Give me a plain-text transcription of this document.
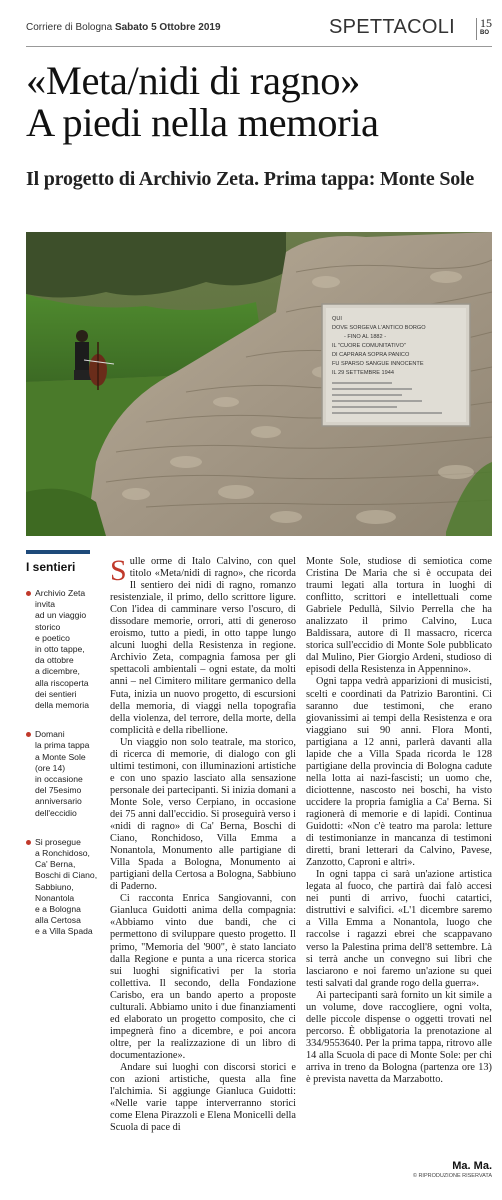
Corriere di Bologna Sabato 5 Ottobre 2019	SPETTACOLI 15
BO
«Meta/nidi di ragno»
A piedi nella memoria
Il progetto di Archivio Zeta. Prima tappa: Monte Sole
QUI
DOVE SORGEVA L'ANTICO BORGO
- FINO AL 1882 -
IL "CUORE COMUNITATIVO"
DI CAPRARA SOPRA PANICO
FU SPARSO SANGUE INNOCENTE
IL 29 SETTEMBRE 1944
I sentieri
Archivio Zeta
invita
ad un viaggio
storico
e poetico
in otto tappe,
da ottobre
a dicembre,
alla riscoperta
dei sentieri
della memoria
Domani
la prima tappa
a Monte Sole
(ore 14)
in occasione
del 75esimo
anniversario
dell'eccidio
Si prosegue
a Ronchidoso,
Ca' Berna,
Boschi di Ciano,
Sabbiuno,
Nonantola
e a Bologna
alla Certosa
e a Villa Spada

Sulle orme di Italo Calvino, con quel titolo «Meta/nidi di ragno», che ricorda Il sentiero dei nidi di ragno, romanzo resistenziale, il primo, dello scrittore ligure. Con l'idea di camminare verso l'oscuro, di dissodare memorie, orrori, atti di generoso eroismo, tutto a piedi, in otto tappe lungo alcuni luoghi della Resistenza in regione. Archivio Zeta, compagnia famosa per gli spettacoli ambientali – ogni estate, da molti anni – nel Cimitero militare germanico della Futa, inizia un nuovo progetto, di escursioni della memoria, di viaggi nella topografia della violenza, del terrore, della morte, della complicità e della ribellione.

Un viaggio non solo teatrale, ma storico, di ricerca di memorie, di dialogo con gli ultimi testimoni, con illuminazioni artistiche e con uno spazio lasciato alla sensazione personale dei partecipanti. Si inizia domani a Monte Sole, verso Cerpiano, in occasione dei 75 anni dall'eccidio. Si proseguirà verso i «nidi di ragno» di Ca' Berna, Boschi di Ciano, Ronchidoso, Villa Emma a Nonantola, Monumento alle partigiane di Villa Spada a Bologna, Monumento ai partigiani della Certosa a Bologna, Sabbiuno di Paderno.

Ci racconta Enrica Sangiovanni, con Gianluca Guidotti anima della compagnia: «Abbiamo vinto due bandi, che ci permettono di sviluppare questo progetto. Il primo, "Memoria del '900", è stato lanciato dalla Regione e punta a una ricerca storica sui luoghi significativi per la storia collettiva. Il secondo, della Fondazione Carisbo, era un bando aperto a proposte culturali. Abbiamo unito i due finanziamenti ed elaborato un progetto composito, che ci impegnerà fino a dicembre, e poi ancora oltre, per la realizzazione di un libro di documentazione».

Andare sui luoghi con discorsi storici e con azioni artistiche, questa alla fine l'alchimia. Si aggiunge Gianluca Guidotti: «Nelle varie tappe interverranno storici come Elena Pirazzoli e Elena Monicelli della Scuola di pace di

Monte Sole, studiose di semiotica come Cristina De Maria che si è occupata dei traumi legati alla tortura in luoghi di conflitto, scrittori e intellettuali come Gabriele Pedullà, Silvio Perrella che ha analizzato il primo Calvino, Luca Baldissara, autore di Il massacro, ricerca storica sull'eccidio di Monte Sole pubblicato dal Mulino, Pier Giorgio Ardeni, studioso di episodi della Resistenza in Appennino».

Ogni tappa vedrà apparizioni di musicisti, scelti e coordinati da Patrizio Barontini. Ci saranno due testimoni, che erano giovanissimi ai tempi della Resistenza e ora viaggiano sui 90 anni. Flora Monti, partigiana a 12 anni, parlerà davanti alla lapide che a Villa Spada ricorda le 128 partigiane della provincia di Bologna cadute nella lotta ai nazi-fascisti; un uomo che, diciottenne, nascosto nei boschi, ha visto uccidere la propria famiglia a Ca' Berna. Si ragionerà di memorie e di lapidi. Continua Guidotti: «Non c'è teatro ma parola: letture di testimonianze in mancanza di testimoni diretti, brani letterari da Calvino, Pavese, Zanzotto, Caproni e altri».

In ogni tappa ci sarà un'azione artistica legata al fuoco, che partirà dai falò accesi nei punti di arrivo, fuochi catartici, distruttivi e salvifici. «L'1 dicembre saremo a Villa Emma a Nonantola, luogo che raccolse i ragazzi ebrei che scappavano verso la Palestina prima dell'8 settembre. Là si terrà anche un convegno sui libri che lasciarono e noi faremo un'azione su quei testi salvati dal grande rogo della guerra».

Ai partecipanti sarà fornito un kit simile a un volume, dove raccogliere, ogni volta, delle piccole dispense o oggetti trovati nel percorso. È obbligatoria la prenotazione al 334/9553640. Per la prima tappa, ritrovo alle 14 alla Scuola di pace di Monte Sole: per chi arriva in treno da Bologna (partenza ore 13) è prevista navetta da Marzabotto.

Ma. Ma.
© RIPRODUZIONE RISERVATA
